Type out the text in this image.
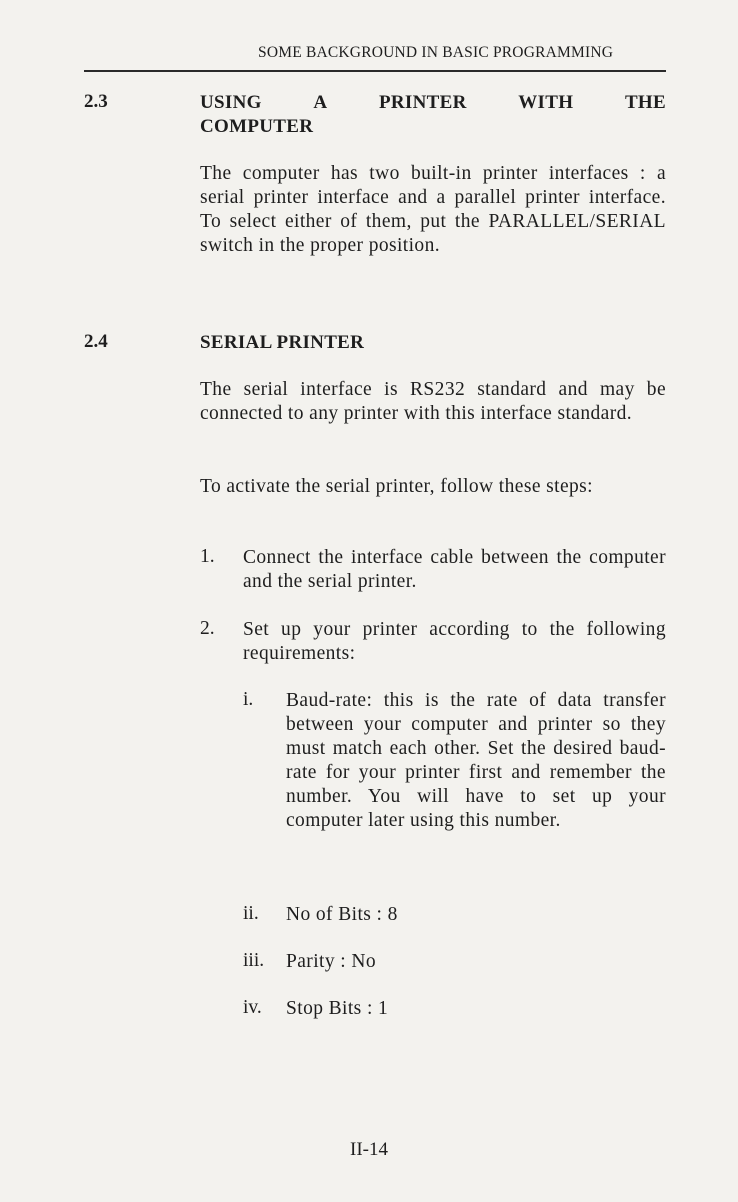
SOME BACKGROUND IN BASIC PROGRAMMING
2.3	USING	A	PRINTER	WITH	THE
COMPUTER
The computer has two built-in printer interfaces : a serial printer interface and a parallel printer interface. To select either of them, put the PARALLEL/SERIAL switch in the proper position.
2.4	SERIAL PRINTER
The serial interface is RS232 standard and may be connected to any printer with this interface standard.
To activate the serial printer, follow these steps:
1. Connect the interface cable between the computer and the serial printer.
2. Set up your printer according to the following requirements:
i. Baud-rate: this is the rate of data transfer between your computer and printer so they must match each other. Set the desired baud-rate for your printer first and remember the number. You will have to set up your computer later using this number.
ii. No of Bits : 8
iii. Parity : No
iv. Stop Bits : 1
II-14
